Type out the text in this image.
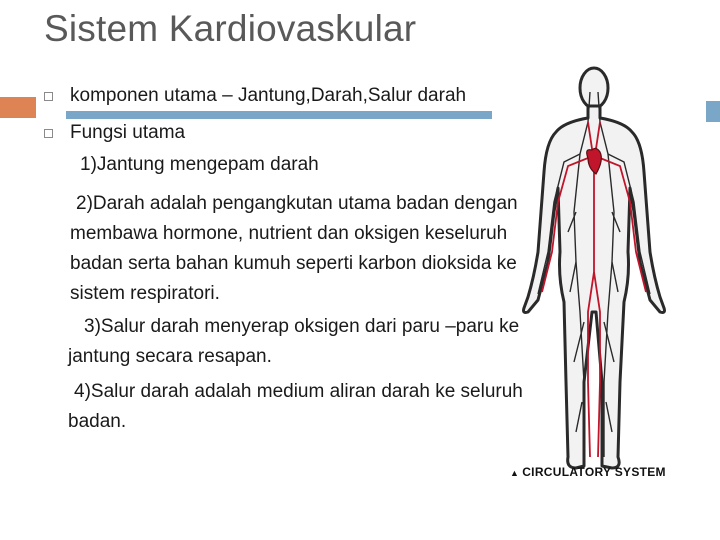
Sistem Kardiovaskular
▲ CIRCULATORY SYSTEM
komponen utama – Jantung,Darah,Salur darah
Fungsi utama
1)Jantung mengepam darah
2)Darah adalah pengangkutan utama badan dengan
membawa hormone, nutrient dan oksigen keseluruh
badan serta bahan kumuh seperti karbon dioksida ke
sistem respiratori.
3)Salur darah menyerap oksigen dari paru –paru ke
jantung secara resapan.
4)Salur darah adalah medium aliran darah ke seluruh
badan.
